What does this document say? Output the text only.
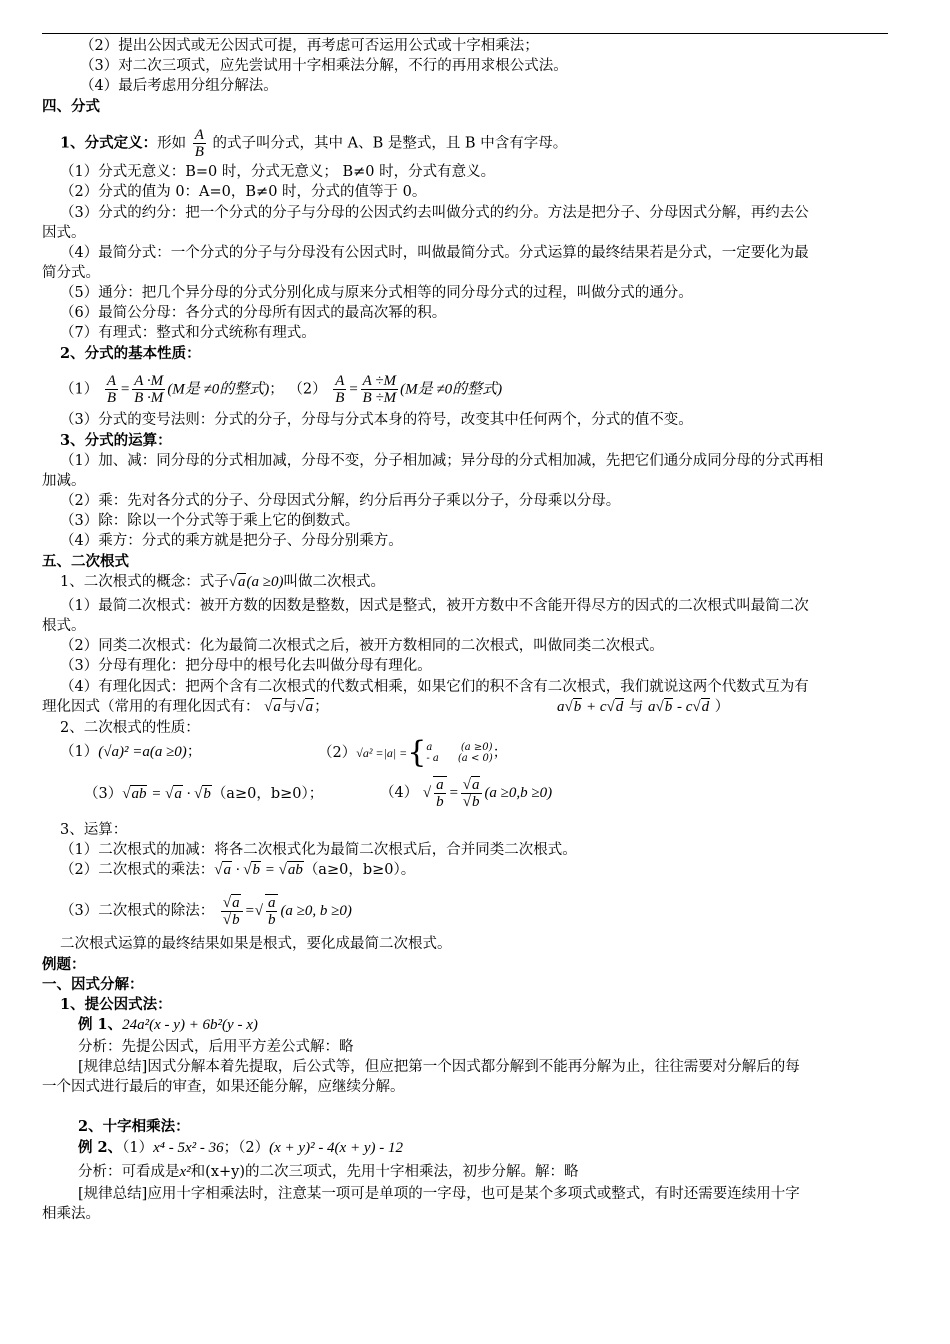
（2）提出公因式或无公因式可提，再考虑可否运用公式或十字相乘法；
（3）对二次三项式，应先尝试用十字相乘法分解，不行的再用求根公式法。
（4）最后考虑用分组分解法。
四、分式
1、分式定义：形如 $\frac{A}{B}$ 的式子叫分式，其中 A、B 是整式，且 B 中含有字母。
（1）分式无意义：B=0 时，分式无意义； B≠0 时，分式有意义。
（2）分式的值为 0：A=0，B≠0 时，分式的值等于 0。
（3）分式的约分：把一个分式的分子与分母的公因式约去叫做分式的约分。方法是把分子、分母因式分解，再约去公
因式。
（4）最简分式：一个分式的分子与分母没有公因式时，叫做最简分式。分式运算的最终结果若是分式，一定要化为最
简分式。
（5）通分：把几个异分母的分式分别化成与原来分式相等的同分母分式的过程，叫做分式的通分。
（6）最简公分母：各分式的分母所有因式的最高次幂的积。
（7）有理式：整式和分式统称有理式。
2、分式的基本性质：
$(1) \frac{A}{B} = \frac{A \cdot M}{B \cdot M} (M$是 ≠0的整式)； $(2) \frac{A}{B} = \frac{A \div M}{B \div M} (M$是 ≠0的整式)
（3）分式的变号法则：分式的分子，分母与分式本身的符号，改变其中任何两个，分式的值不变。
3、分式的运算：
（1）加、减：同分母的分式相加减，分母不变，分子相加减；异分母的分式相加减，先把它们通分成同分母的分式再相
加减。
（2）乘：先对各分式的分子、分母因式分解，约分后再分子乘以分子，分母乘以分母。
（3）除：除以一个分式等于乘上它的倒数式。
（4）乘方：分式的乘方就是把分子、分母分别乘方。
五、二次根式
1、二次根式的概念：式子√a(a ≥0)叫做二次根式。
（1）最简二次根式：被开方数的因数是整数，因式是整式，被开方数中不含能开得尽方的因式的二次根式叫最简二次
根式。
（2）同类二次根式：化为最简二次根式之后，被开方数相同的二次根式，叫做同类二次根式。
（3）分母有理化：把分母中的根号化去叫做分母有理化。
（4）有理化因式：把两个含有二次根式的代数式相乘，如果它们的积不含有二次根式，我们就说这两个代数式互为有
理化因式（常用的有理化因式有： √a与√a；	a√b + c√d 与 a√b - c√d ）
2、二次根式的性质：
（1）(√a)² =a(a ≥0)；	（2）√a² =|a| ={ a         (a ≥0)
- a      (a < 0) ；
（3）√ab = √a · √b（a≥0，b≥0）；	（4） √ $\frac{a}{b} = \frac{√a}{√b} (a \ge 0,b \ge 0)$
3、运算：
（1）二次根式的加减：将各二次根式化为最简二次根式后，合并同类二次根式。
（2）二次根式的乘法：√a · √b = √ab（a≥0，b≥0）。
（3）二次根式的除法： $\frac{√a}{√b}$ =√ $\frac{a}{b} (a \ge 0$, b ≥0)
二次根式运算的最终结果如果是根式，要化成最简二次根式。
例题：
一、因式分解：
1、提公因式法：
例 1、24a²(x - y) + 6b²(y - x)
分析：先提公因式，后用平方差公式解：略
[规律总结]因式分解本着先提取，后公式等，但应把第一个因式都分解到不能再分解为止，往往需要对分解后的每
一个因式进行最后的审查，如果还能分解，应继续分解。
2、十字相乘法：
例 2、（1）x⁴ - 5x² - 36；（2）(x + y)² - 4(x + y) - 12
分析：可看成是x²和(x+y)的二次三项式，先用十字相乘法，初步分解。解：略
[规律总结]应用十字相乘法时，注意某一项可是单项的一字母，也可是某个多项式或整式，有时还需要连续用十字
相乘法。
